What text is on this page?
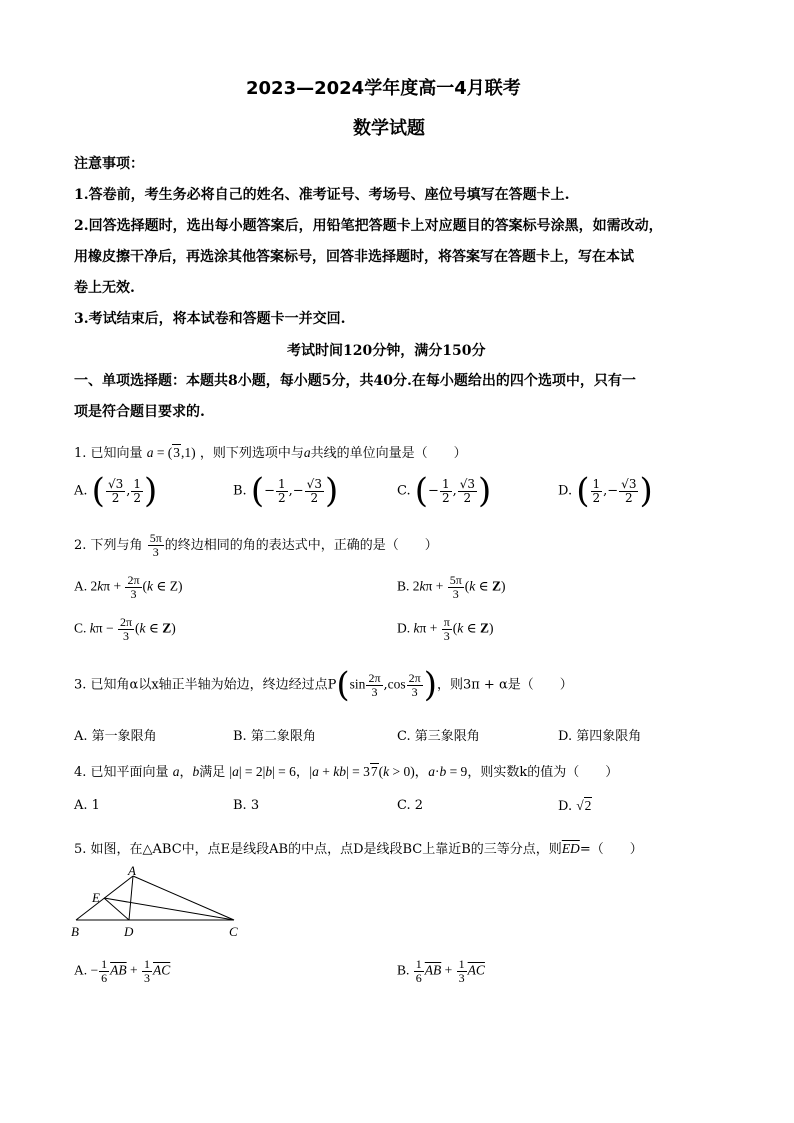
2023—2024学年度高一4月联考
数学试题
注意事项：
1.答卷前，考生务必将自己的姓名、准考证号、考场号、座位号填写在答题卡上.
2.回答选择题时，选出每小题答案后，用铅笔把答题卡上对应题目的答案标号涂黑，如需改动，
用橡皮擦干净后，再选涂其他答案标号，回答非选择题时，将答案写在答题卡上，写在本试
卷上无效.
3.考试结束后，将本试卷和答题卡一并交回.
考试时间120分钟，满分150分
一、单项选择题：本题共8小题，每小题5分，共40分.在每小题给出的四个选项中，只有一
项是符合题目要求的.
1. 已知向量 a = (3,1) ，则下列选项中与a共线的单位向量是（　　）
A. ( $\frac{√3}{2}$ , $\frac{1}{2}$ )	B. (− $\frac{1}{2}$ ,− $\frac{√3}{2}$ )	C. (− $\frac{1}{2}$ , $\frac{√3}{2}$ )	D. ( $\frac{1}{2}$ ,− $\frac{√3}{2}$ )
2. 下列与角 $\frac{5\pi}{3}$ 的终边相同的角的表达式中，正确的是（　　）
A. $2k\pi + \frac{2\pi}{3} (k$ ∈ Z)	B. $2k\pi + \frac{5\pi}{3} (k$ ∈ Z)
C. $k\pi - \frac{2\pi}{3} (k$ ∈ Z)	D. $k\pi + \frac{\pi}{3} (k$ ∈ Z)
3. 已知角α以x轴正半轴为始边，终边经过点$P(\sin \frac{2\pi}{3} ,\cos \frac{2\pi}{3}$ )，则3π + α是（　　）
A. 第一象限角	B. 第二象限角	C. 第三象限角	D. 第四象限角
4. 已知平面向量 a，b满足 |a| = 2|b| = 6，|a + kb| = 37(k > 0)，a·b = 9，则实数k的值为（　　）
A. 1	B. 3	C. 2	D. √2
5. 如图，在△ABC中，点E是线段AB的中点，点D是线段BC上靠近B的三等分点，则$\overline{ED}=$（　　）
A
E
B	D	C
A. − $\frac{1}{6} \overline{AB} + \frac{1}{3} \overline{AC}$	B. $\frac{1}{6} \overline{AB} + \frac{1}{3} \overline{AC}$
